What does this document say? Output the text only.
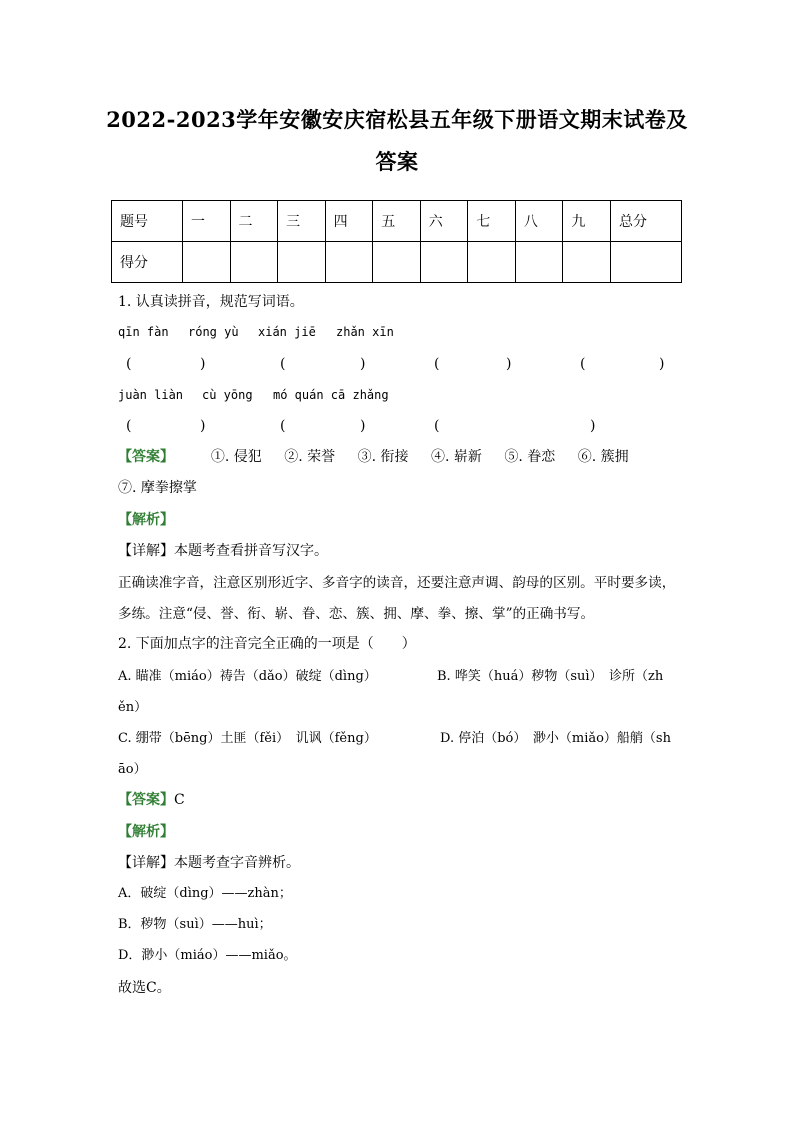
2022-2023学年安徽安庆宿松县五年级下册语文期末试卷及
答案
题号	一	二	三	四	五	六	七	八	九	总分
得分										
1. 认真读拼音，规范写词语。
qīn fàn róng yù xián jiē zhǎn xīn
(	)	(	)	(	)	(	)
juàn liàn cù yōng mó quán cā zhǎng
(	)	(	)	(	)
【答案】	①. 侵犯 ②. 荣誉 ③. 衔接 ④. 崭新 ⑤. 眷恋 ⑥. 簇拥
⑦. 摩拳擦掌
【解析】
【详解】本题考查看拼音写汉字。
正确读准字音，注意区别形近字、多音字的读音，还要注意声调、韵母的区别。平时要多读，
多练。注意“侵、誉、衔、崭、眷、恋、簇、拥、摩、拳、擦、掌”的正确书写。
2. 下面加点字的注音完全正确的一项是（　　）
A. 瞄准（miáo）祷告（dǎo）破绽（dìng）	B. 哗笑（huá）秽物（suì）　诊所（zh
ěn）
C. 绷带（bēng）土匪（fěi）　讥讽（fěng）	D. 停泊（bó）　渺小（miǎo）船艄（sh
āo）
【答案】C
【解析】
【详解】本题考查字音辨析。
A．破绽（dìng）——zhàn；
B．秽物（suì）——huì；
D．渺小（miáo）——miǎo。
故选C。
